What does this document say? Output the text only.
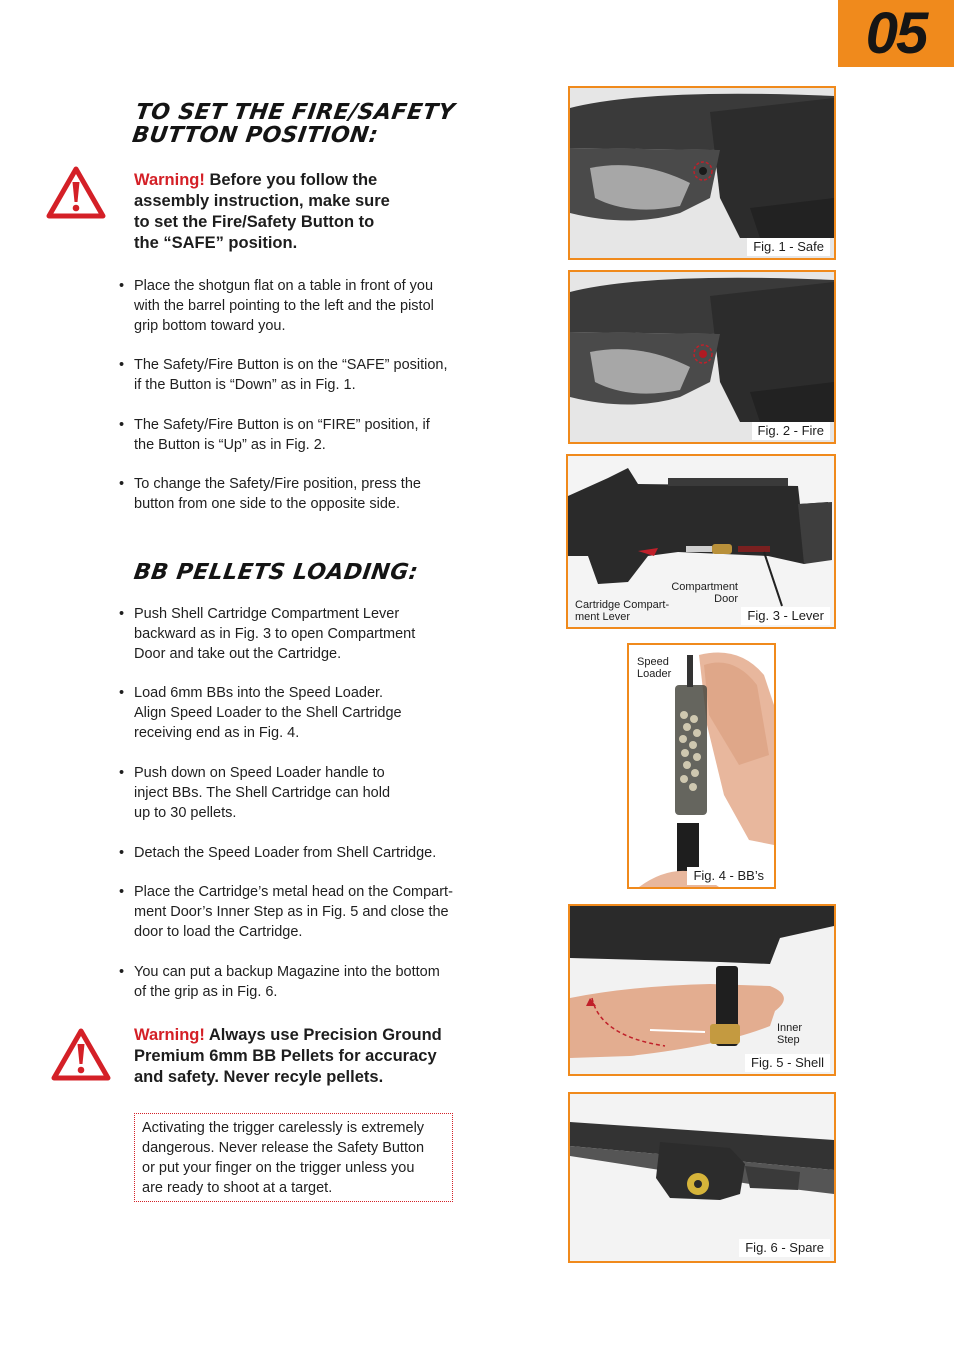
05
TO SET THE FIRE/SAFETY
BUTTON POSITION:
Warning! Before you follow the
assembly instruction, make sure
to set the Fire/Safety Button to
the “SAFE” position.
• Place the shotgun flat on a table in front of you
with the barrel pointing to the left and the pistol
grip bottom toward you.
• The Safety/Fire Button is on the “SAFE” position,
if the Button is “Down” as in Fig. 1.
• The Safety/Fire Button is on “FIRE” position, if
the Button is “Up” as in Fig. 2.
• To change the Safety/Fire position, press the
button from one side to the opposite side.
BB PELLETS LOADING:
• Push Shell Cartridge Compartment Lever
backward as in Fig. 3 to open Compartment
Door and take out the Cartridge.
• Load 6mm BBs into the Speed Loader.
Align Speed Loader to the Shell Cartridge
receiving end as in Fig. 4.
• Push down on Speed Loader handle to
inject BBs. The Shell Cartridge can hold
up to 30 pellets.
• Detach the Speed Loader from Shell Cartridge.
• Place the Cartridge’s metal head on the Compart-
ment Door’s Inner Step as in Fig. 5 and close the
door to load the Cartridge.
• You can put a backup Magazine into the bottom
of the grip as in Fig. 6.
Warning! Always use Precision Ground
Premium 6mm BB Pellets for accuracy
and safety. Never recyle pellets.
Activating the trigger carelessly is extremely
dangerous. Never release the Safety Button
or put your finger on the trigger unless you
are ready to shoot at a target.
Fig. 1 - Safe
Fig. 2 - Fire
Compartment
Door
Cartridge Compart-
ment Lever	Fig. 3 - Lever
Speed
Loader
Fig. 4 - BB’s
Inner
Step
Fig. 5 - Shell
Fig. 6 - Spare
